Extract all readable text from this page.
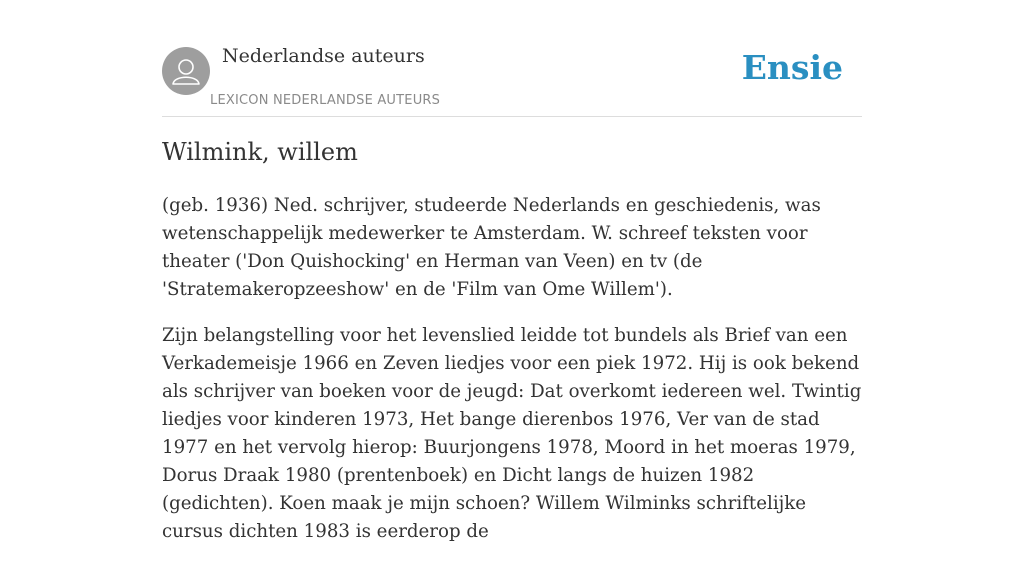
Nederlandse auteurs
LEXICON NEDERLANDSE AUTEURS
Ensie
Wilmink, willem

(geb. 1936) Ned. schrijver, studeerde Nederlands en geschiedenis, was wetenschappelijk medewerker te Amsterdam. W. schreef teksten voor theater ('Don Quishocking' en Herman van Veen) en tv (de 'Stratemakeropzeeshow' en de 'Film van Ome Willem').

Zijn belangstelling voor het levenslied leidde tot bundels als Brief van een Verkademeisje 1966 en Zeven liedjes voor een piek 1972. Hij is ook bekend als schrijver van boeken voor de jeugd: Dat overkomt iedereen wel. Twintig liedjes voor kinderen 1973, Het bange dierenbos 1976, Ver van de stad 1977 en het vervolg hierop: Buurjongens 1978, Moord in het moeras 1979, Dorus Draak 1980 (prentenboek) en Dicht langs de huizen 1982 (gedichten). Koen maak je mijn schoen? Willem Wilminks schriftelijke cursus dichten 1983 is eerderop de
